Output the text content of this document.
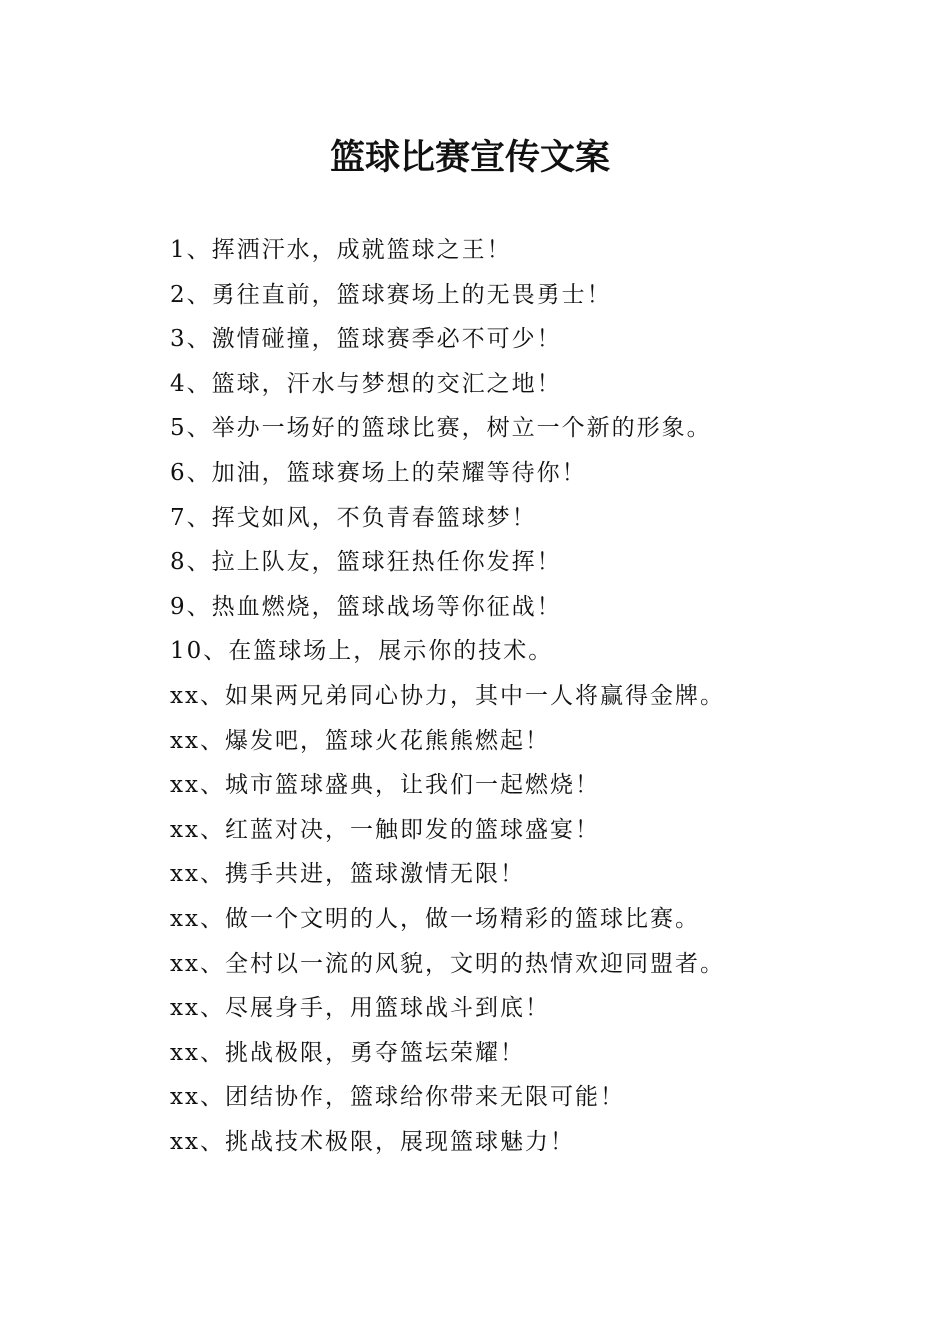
篮球比赛宣传文案
1、挥洒汗水，成就篮球之王！
2、勇往直前，篮球赛场上的无畏勇士！
3、激情碰撞，篮球赛季必不可少！
4、篮球，汗水与梦想的交汇之地！
5、举办一场好的篮球比赛，树立一个新的形象。
6、加油，篮球赛场上的荣耀等待你！
7、挥戈如风，不负青春篮球梦！
8、拉上队友，篮球狂热任你发挥！
9、热血燃烧，篮球战场等你征战！
10、在篮球场上，展示你的技术。
xx、如果两兄弟同心协力，其中一人将赢得金牌。
xx、爆发吧，篮球火花熊熊燃起！
xx、城市篮球盛典，让我们一起燃烧！
xx、红蓝对决，一触即发的篮球盛宴！
xx、携手共进，篮球激情无限！
xx、做一个文明的人，做一场精彩的篮球比赛。
xx、全村以一流的风貌，文明的热情欢迎同盟者。
xx、尽展身手，用篮球战斗到底！
xx、挑战极限，勇夺篮坛荣耀！
xx、团结协作，篮球给你带来无限可能！
xx、挑战技术极限，展现篮球魅力！
